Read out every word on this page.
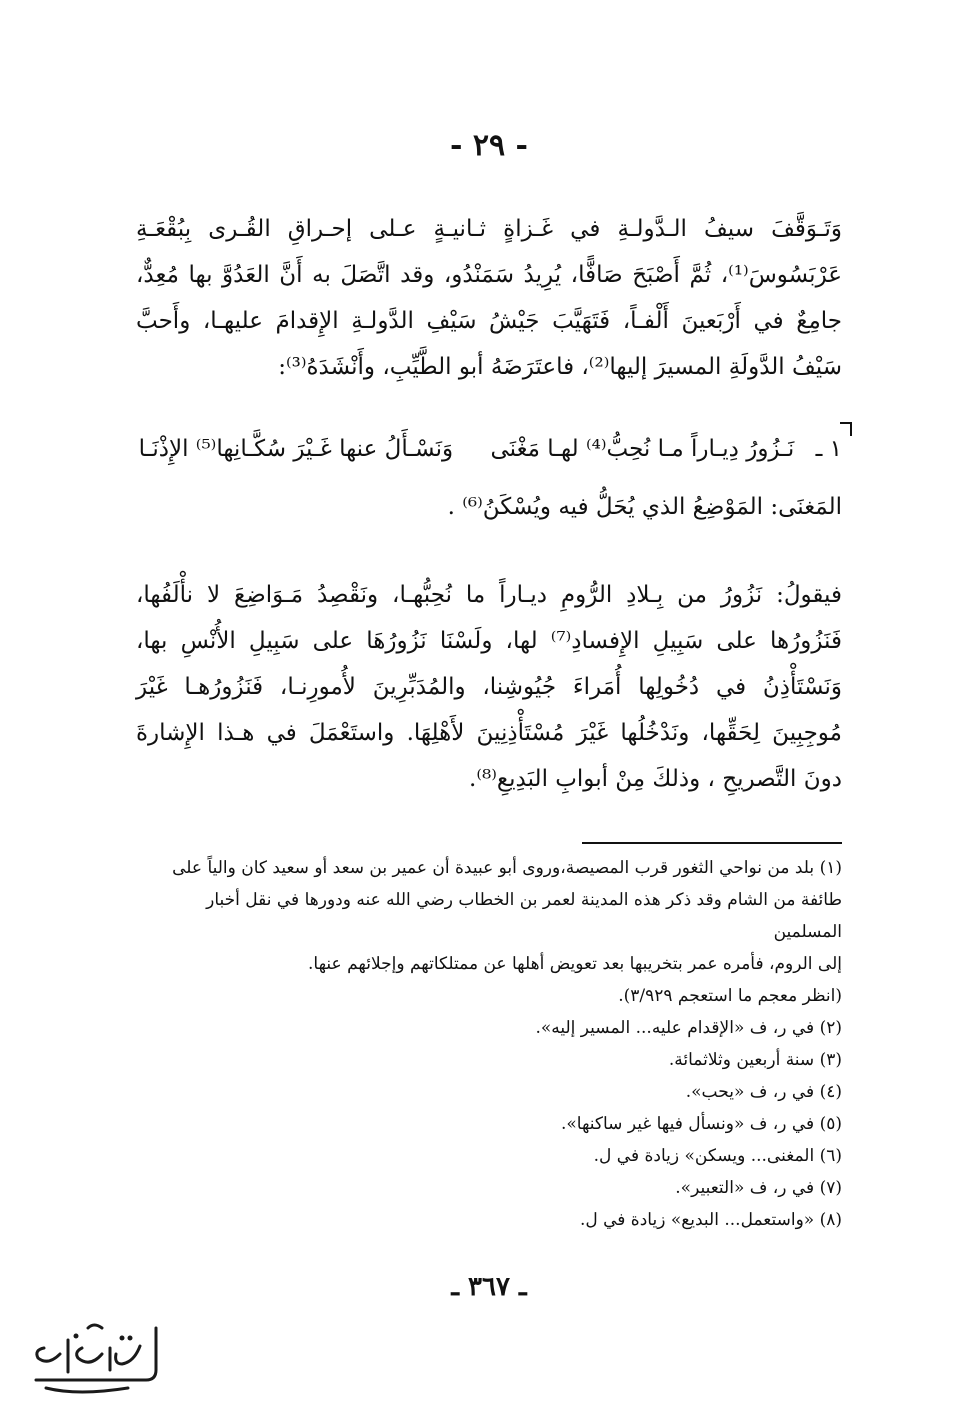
- ٢٩ -

وَتَـوَقَّفَ سيفُ الـدَّولـةِ في غَـزاةٍ ثـانيـةٍ عـلى إحـراقِ القُـرى بِبُقْعَـةِ عَرْبَسُوسَ⁽¹⁾، ثُمَّ أَصْبَحَ صَافًّا، يُرِيدُ سَمَنْدُو، وقد اتَّصَلَ به أَنَّ العَدُوَّ بها مُعِدٌّ، جامِعٌ في أَرْبَعينَ أَلْفـاً، فَتَهَيَّبَ جَيْشُ سَيْفِ الدَّولـةِ الإِقدامَ عليهـا، وأَحبَّ سَيْفُ الدَّولَةِ المسيرَ إليها⁽²⁾، فاعتَرَضَهُ أبو الطَّيِّبِ، وأَنْشَدَهُ⁽³⁾:

١ ـ نَـزُورُ دِيـاراً مـا نُحِبُّ⁽⁴⁾ لهـا مَغْنَى وَنَسْـأَلُ عنها غَـيْرَ سُكَّـانِها⁽⁵⁾ الإِذْنَـا
المَغنَى: المَوْضِعُ الذي يُحَلُّ فيه ويُسْكَنُ⁽⁶⁾ .

فيقولُ: نَزُورُ من بِـلادِ الرُّومِ ديـاراً ما نُحِبُّهـا، ونَقْصِدُ مَـوَاضِعَ لا نأْلَفُها، فَنَزُورُها على سَبِيلِ الإِفسادِ⁽⁷⁾ لها، ولَسْنَا نَزُورُهَا على سَبِيلِ الأُنْسِ بها، وَنَسْتَأْذِنُ في دُخُولِها أُمَراءَ جُيُوشِنا، والمُدَبِّرِينَ لأُمورِنـا، فَنَزُورُهـا غَيْرَ مُوجِبِينَ لِحَقِّها، ونَدْخُلُها غَيْرَ مُسْتَأْذِنِينَ لأَهْلِهَا. واستَعْمَلَ في هـذا الإِشارةَ دونَ التَّصريحِ ، وذلكَ مِنْ أبوابِ البَدِيعِ⁽⁸⁾.

(١) بلد من نواحي الثغور قرب المصيصة،وروى أبو عبيدة أن عمير بن سعد أو سعيد كان والياً على

طائفة من الشام وقد ذكر هذه المدينة لعمر بن الخطاب رضي الله عنه ودورها في نقل أخبار المسلمين

إلى الروم، فأمره عمر بتخريبها بعد تعويض أهلها عن ممتلكاتهم وإجلائهم عنها.

(انظر معجم ما استعجم ٣/٩٢٩).

(٢) في ر، ف «الإقدام عليه... المسير إليه».

(٣) سنة أربعين وثلاثمائة.

(٤) في ر، ف «يحب».

(٥) في ر، ف «ونسأل فيها غير ساكنها».

(٦) المغنى... ويسكن» زيادة في ل.

(٧) في ر، ف «التعبير».

(٨) «واستعمل... البديع» زيادة في ل.

ـ ٣٦٧ ـ
